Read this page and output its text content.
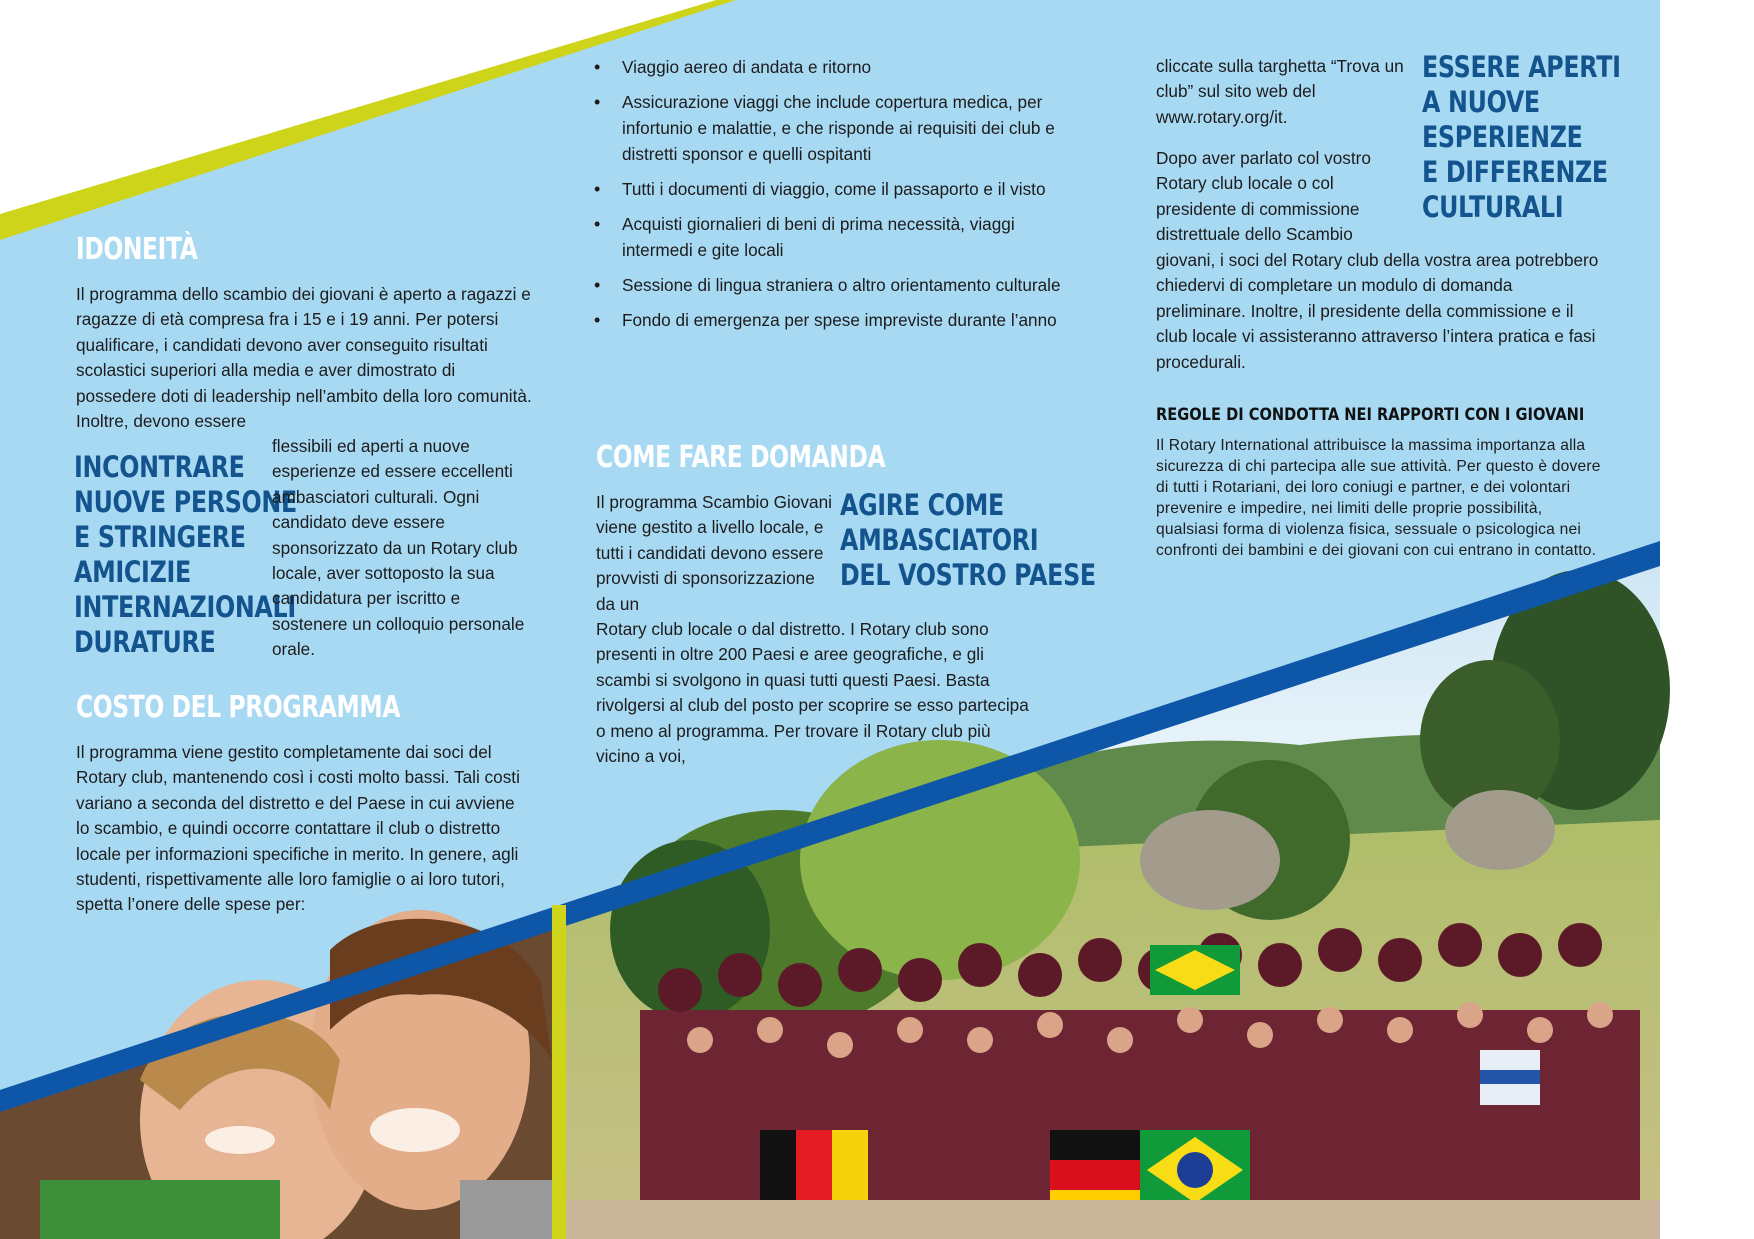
IDONEITÀ

Il programma dello scambio dei giovani è aperto a ragazzi e ragazze di età compresa fra i 15 e i 19 anni. Per potersi qualificare, i candidati devono aver conseguito risultati scolastici superiori alla media e aver dimostrato di possedere doti di leadership nell’ambito della loro comunità. Inoltre, devono essere

INCONTRARE
NUOVE PERSONE
E STRINGERE
AMICIZIE
INTERNAZIONALI
DURATURE

flessibili ed aperti a nuove esperienze ed essere eccellenti ambasciatori culturali. Ogni candidato deve essere sponsorizzato da un Rotary club locale, aver sottoposto la sua candidatura per iscritto e sostenere un colloquio personale orale.

COSTO DEL PROGRAMMA

Il programma viene gestito completamente dai soci del Rotary club, mantenendo così i costi molto bassi. Tali costi variano a seconda del distretto e del Paese in cui avviene lo scambio, e quindi occorre contattare il club o distretto locale per informazioni specifiche in merito. In genere, agli studenti, rispettivamente alle loro famiglie o ai loro tutori, spetta l’onere delle spese per:

• Viaggio aereo di andata e ritorno
• Assicurazione viaggi che include copertura medica, per infortunio e malattie, e che risponde ai requisiti dei club e distretti sponsor e quelli ospitanti
• Tutti i documenti di viaggio, come il passaporto e il visto
• Acquisti giornalieri di beni di prima necessità, viaggi intermedi e gite locali
• Sessione di lingua straniera o altro orientamento culturale
• Fondo di emergenza per spese impreviste durante l’anno
COME FARE DOMANDA

Il programma Scambio Giovani viene gestito a livello locale, e tutti i candidati devono essere provvisti di sponsorizzazione da un

AGIRE COME
AMBASCIATORI
DEL VOSTRO PAESE

Rotary club locale o dal distretto. I Rotary club sono presenti in oltre 200 Paesi e aree geografiche, e gli scambi si svolgono in quasi tutti questi Paesi. Basta rivolgersi al club del posto per scoprire se esso partecipa o meno al programma. Per trovare il Rotary club più vicino a voi,

cliccate sulla targhetta “Trova un club” sul sito web del www.rotary.org/it.

Dopo aver parlato col vostro Rotary club locale o col presidente di commissione distrettuale dello Scambio

ESSERE APERTI
A NUOVE
ESPERIENZE
E DIFFERENZE
CULTURALI

giovani, i soci del Rotary club della vostra area potrebbero chiedervi di completare un modulo di domanda preliminare. Inoltre, il presidente della commissione e il club locale vi assisteranno attraverso l’intera pratica e fasi procedurali.

REGOLE DI CONDOTTA NEI RAPPORTI CON I GIOVANI

Il Rotary International attribuisce la massima importanza alla sicurezza di chi partecipa alle sue attività. Per questo è dovere di tutti i Rotariani, dei loro coniugi e partner, e dei volontari prevenire e impedire, nei limiti delle proprie possibilità, qualsiasi forma di violenza fisica, sessuale o psicologica nei confronti dei bambini e dei giovani con cui entrano in contatto.
